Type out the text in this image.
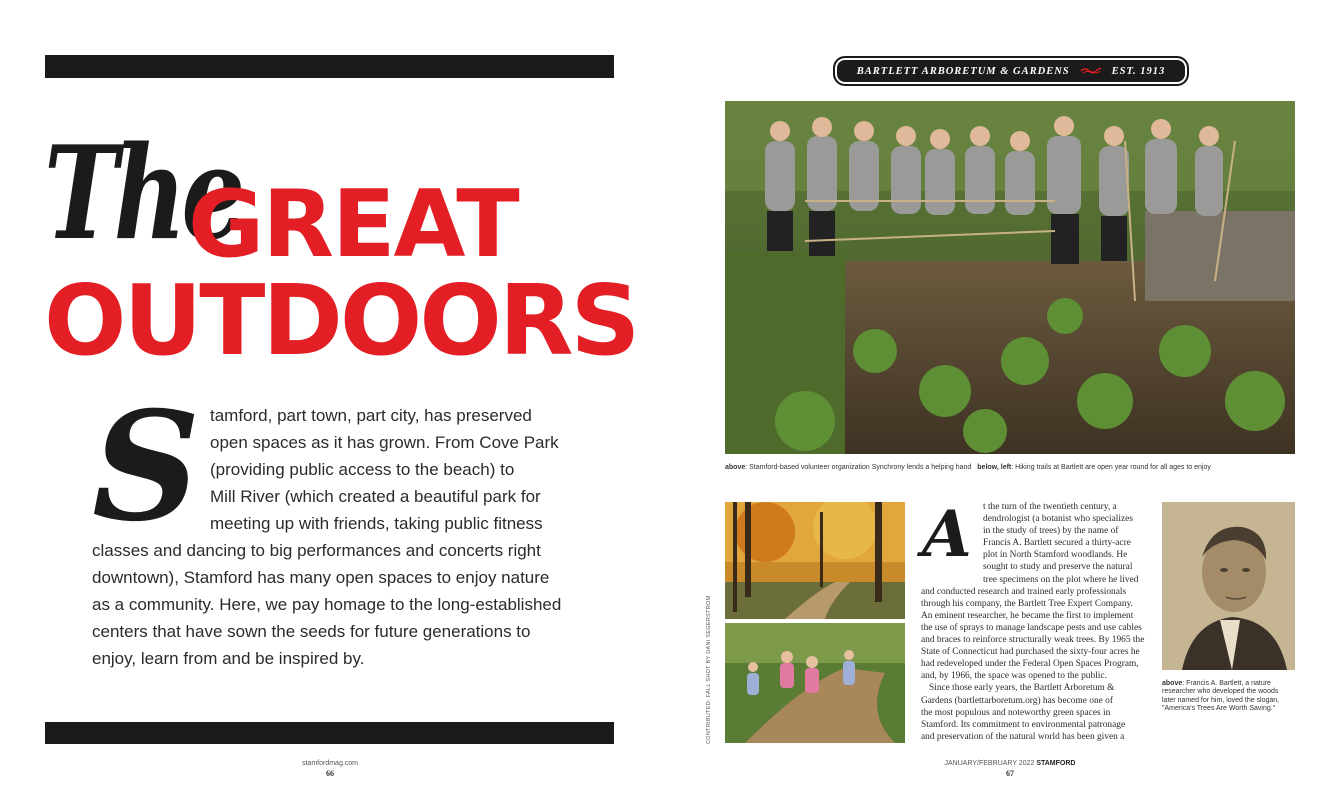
The
GREAT
OUTDOORS
S tamford, part town, part city, has preserved
open spaces as it has grown. From Cove Park
(providing public access to the beach) to
Mill River (which created a beautiful park for
meeting up with friends, taking public fitness
classes and dancing to big performances and concerts right
downtown), Stamford has many open spaces to enjoy nature
as a community. Here, we pay homage to the long-established
centers that have sown the seeds for future generations to
enjoy, learn from and be inspired by.
stamfordmag.com
66
BARTLETT ARBORETUM & GARDENS	EST. 1913
above: Stamford-based volunteer organization Synchrony lends a helping hand below, left: Hiking trails at Bartlett are open year round for all ages to enjoy
CONTRIBUTED; FALL SHOT BY DANI SEGERSTROM
A	t the turn of the twentieth century, a
dendrologist (a botanist who specializes
in the study of trees) by the name of
Francis A. Bartlett secured a thirty-acre
plot in North Stamford woodlands. He
sought to study and preserve the natural
tree specimens on the plot where he lived
and conducted research and trained early professionals
through his company, the Bartlett Tree Expert Company.
An eminent researcher, he became the first to implement
the use of sprays to manage landscape pests and use cables
and braces to reinforce structurally weak trees. By 1965 the
State of Connecticut had purchased the sixty-four acres he
had redeveloped under the Federal Open Spaces Program,
and, by 1966, the space was opened to the public.
Since those early years, the Bartlett Arboretum &
Gardens (bartlettarboretum.org) has become one of
the most populous and noteworthy green spaces in
Stamford. Its commitment to environmental patronage
and preservation of the natural world has been given a
above: Francis A. Bartlett, a nature researcher who developed the woods later named for him, loved the slogan, "America's Trees Are Worth Saving."
JANUARY/FEBRUARY 2022 STAMFORD
67
